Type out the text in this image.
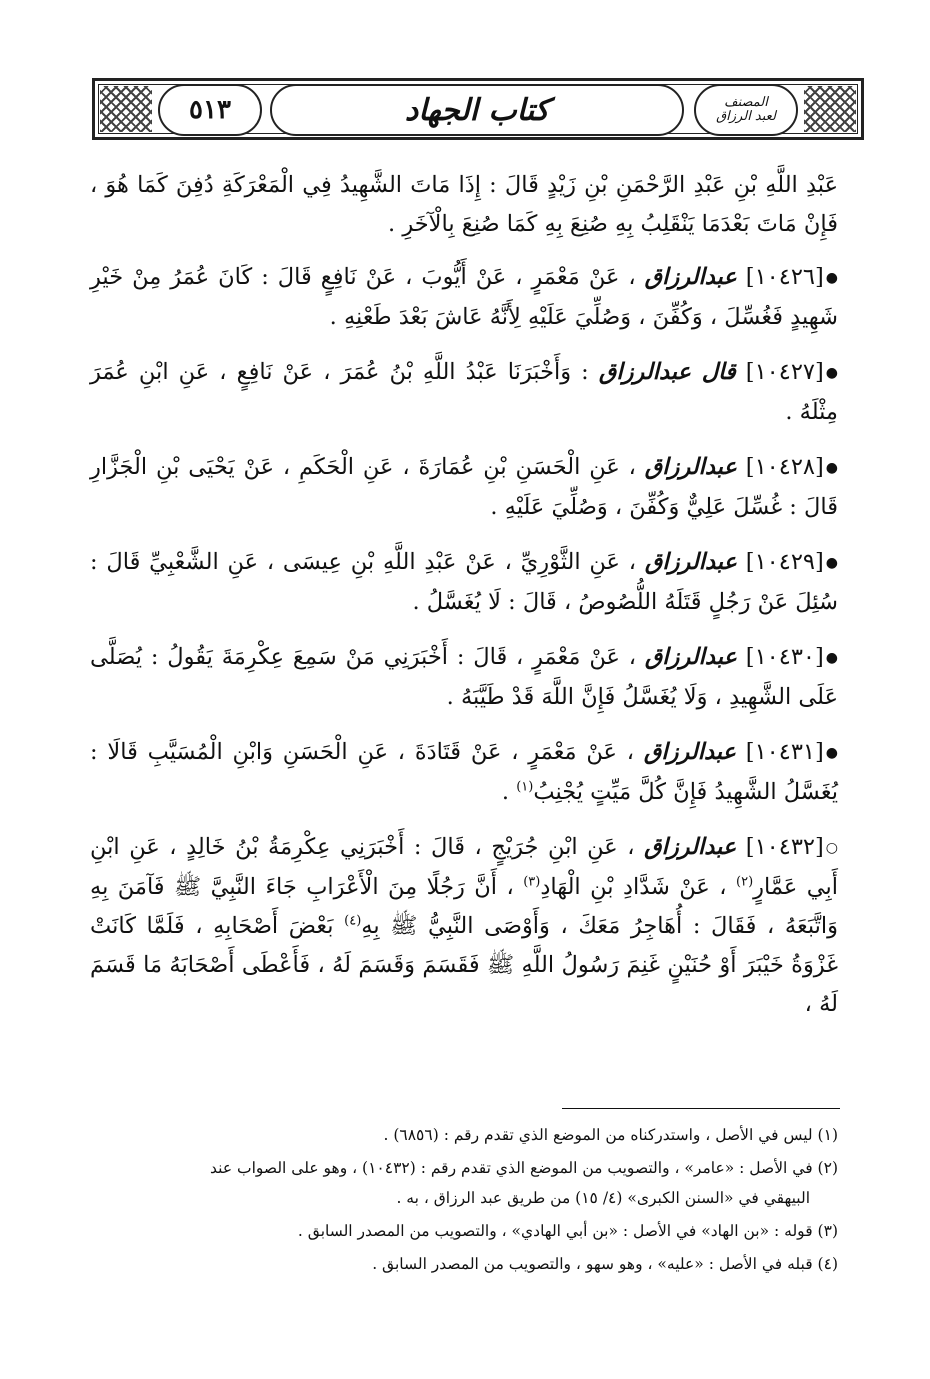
٥١٣	كتاب الجهاد	المصنف
لعبد الرزاق

عَبْدِ اللَّهِ بْنِ عَبْدِ الرَّحْمَنِ بْنِ زَيْدٍ قَالَ : إِذَا مَاتَ الشَّهِيدُ فِي الْمَعْرَكَةِ دُفِنَ كَمَا هُوَ ، فَإِنْ مَاتَ بَعْدَمَا يَنْقَلِبُ بِهِ صُنِعَ بِهِ كَمَا صُنِعَ بِالْآخَرِ .

●[١٠٤٢٦] عبدالرزاق ، عَنْ مَعْمَرٍ ، عَنْ أَيُّوبَ ، عَنْ نَافِعٍ قَالَ : كَانَ عُمَرُ مِنْ خَيْرِ شَهِيدٍ فَغُسِّلَ ، وَكُفِّنَ ، وَصُلِّيَ عَلَيْهِ لِأَنَّهُ عَاشَ بَعْدَ طَعْنِهِ .

●[١٠٤٢٧] قال عبدالرزاق : وَأَخْبَرَنَا عَبْدُ اللَّهِ بْنُ عُمَرَ ، عَنْ نَافِعٍ ، عَنِ ابْنِ عُمَرَ مِثْلَهُ .

●[١٠٤٢٨] عبدالرزاق ، عَنِ الْحَسَنِ بْنِ عُمَارَةَ ، عَنِ الْحَكَمِ ، عَنْ يَحْيَى بْنِ الْجَزَّارِ قَالَ : غُسِّلَ عَلِيٌّ وَكُفِّنَ ، وَصُلِّيَ عَلَيْهِ .

●[١٠٤٢٩] عبدالرزاق ، عَنِ الثَّوْرِيِّ ، عَنْ عَبْدِ اللَّهِ بْنِ عِيسَى ، عَنِ الشَّعْبِيِّ قَالَ : سُئِلَ عَنْ رَجُلٍ قَتَلَهُ اللُّصُوصُ ، قَالَ : لَا يُغَسَّلُ .

●[١٠٤٣٠] عبدالرزاق ، عَنْ مَعْمَرٍ ، قَالَ : أَخْبَرَنِي مَنْ سَمِعَ عِكْرِمَةَ يَقُولُ : يُصَلَّى عَلَى الشَّهِيدِ ، وَلَا يُغَسَّلُ فَإِنَّ اللَّهَ قَدْ طَيَّبَهُ .

●[١٠٤٣١] عبدالرزاق ، عَنْ مَعْمَرٍ ، عَنْ قَتَادَةَ ، عَنِ الْحَسَنِ وَابْنِ الْمُسَيَّبِ قَالَا : يُغَسَّلُ الشَّهِيدُ فَإِنَّ كُلَّ مَيِّتٍ يُجْنِبُ$^{(١)}$ .

○[١٠٤٣٢] عبدالرزاق ، عَنِ ابْنِ جُرَيْجٍ ، قَالَ : أَخْبَرَنِي عِكْرِمَةُ بْنُ خَالِدٍ ، عَنِ ابْنِ أَبِي عَمَّارٍ$^{(٢)}$ ، عَنْ شَدَّادِ بْنِ الْهَادِ$^{(٣)}$ ، أَنَّ رَجُلًا مِنَ الْأَعْرَابِ جَاءَ النَّبِيَّ ﷺ فَآمَنَ بِهِ وَاتَّبَعَهُ ، فَقَالَ : أُهَاجِرُ مَعَكَ ، وَأَوْصَى النَّبِيُّ ﷺ بِهِ$^{(٤)}$ بَعْضَ أَصْحَابِهِ ، فَلَمَّا كَانَتْ غَزْوَةُ خَيْبَرَ أَوْ حُنَيْنٍ غَنِمَ رَسُولُ اللَّهِ ﷺ فَقَسَمَ وَقَسَمَ لَهُ ، فَأَعْطَى أَصْحَابَهُ مَا قَسَمَ لَهُ ،

(١) ليس في الأصل ، واستدركناه من الموضع الذي تقدم رقم : (٦٨٥٦) .

(٢) في الأصل : «عامر» ، والتصويب من الموضع الذي تقدم رقم : (١٠٤٣٢) ، وهو على الصواب عند
البيهقي في «السنن الكبرى» (٤/ ١٥) من طريق عبد الرزاق ، به .

(٣) قوله : «بن الهاد» في الأصل : «بن أبي الهادي» ، والتصويب من المصدر السابق .

(٤) قبله في الأصل : «عليه» ، وهو سهو ، والتصويب من المصدر السابق .
